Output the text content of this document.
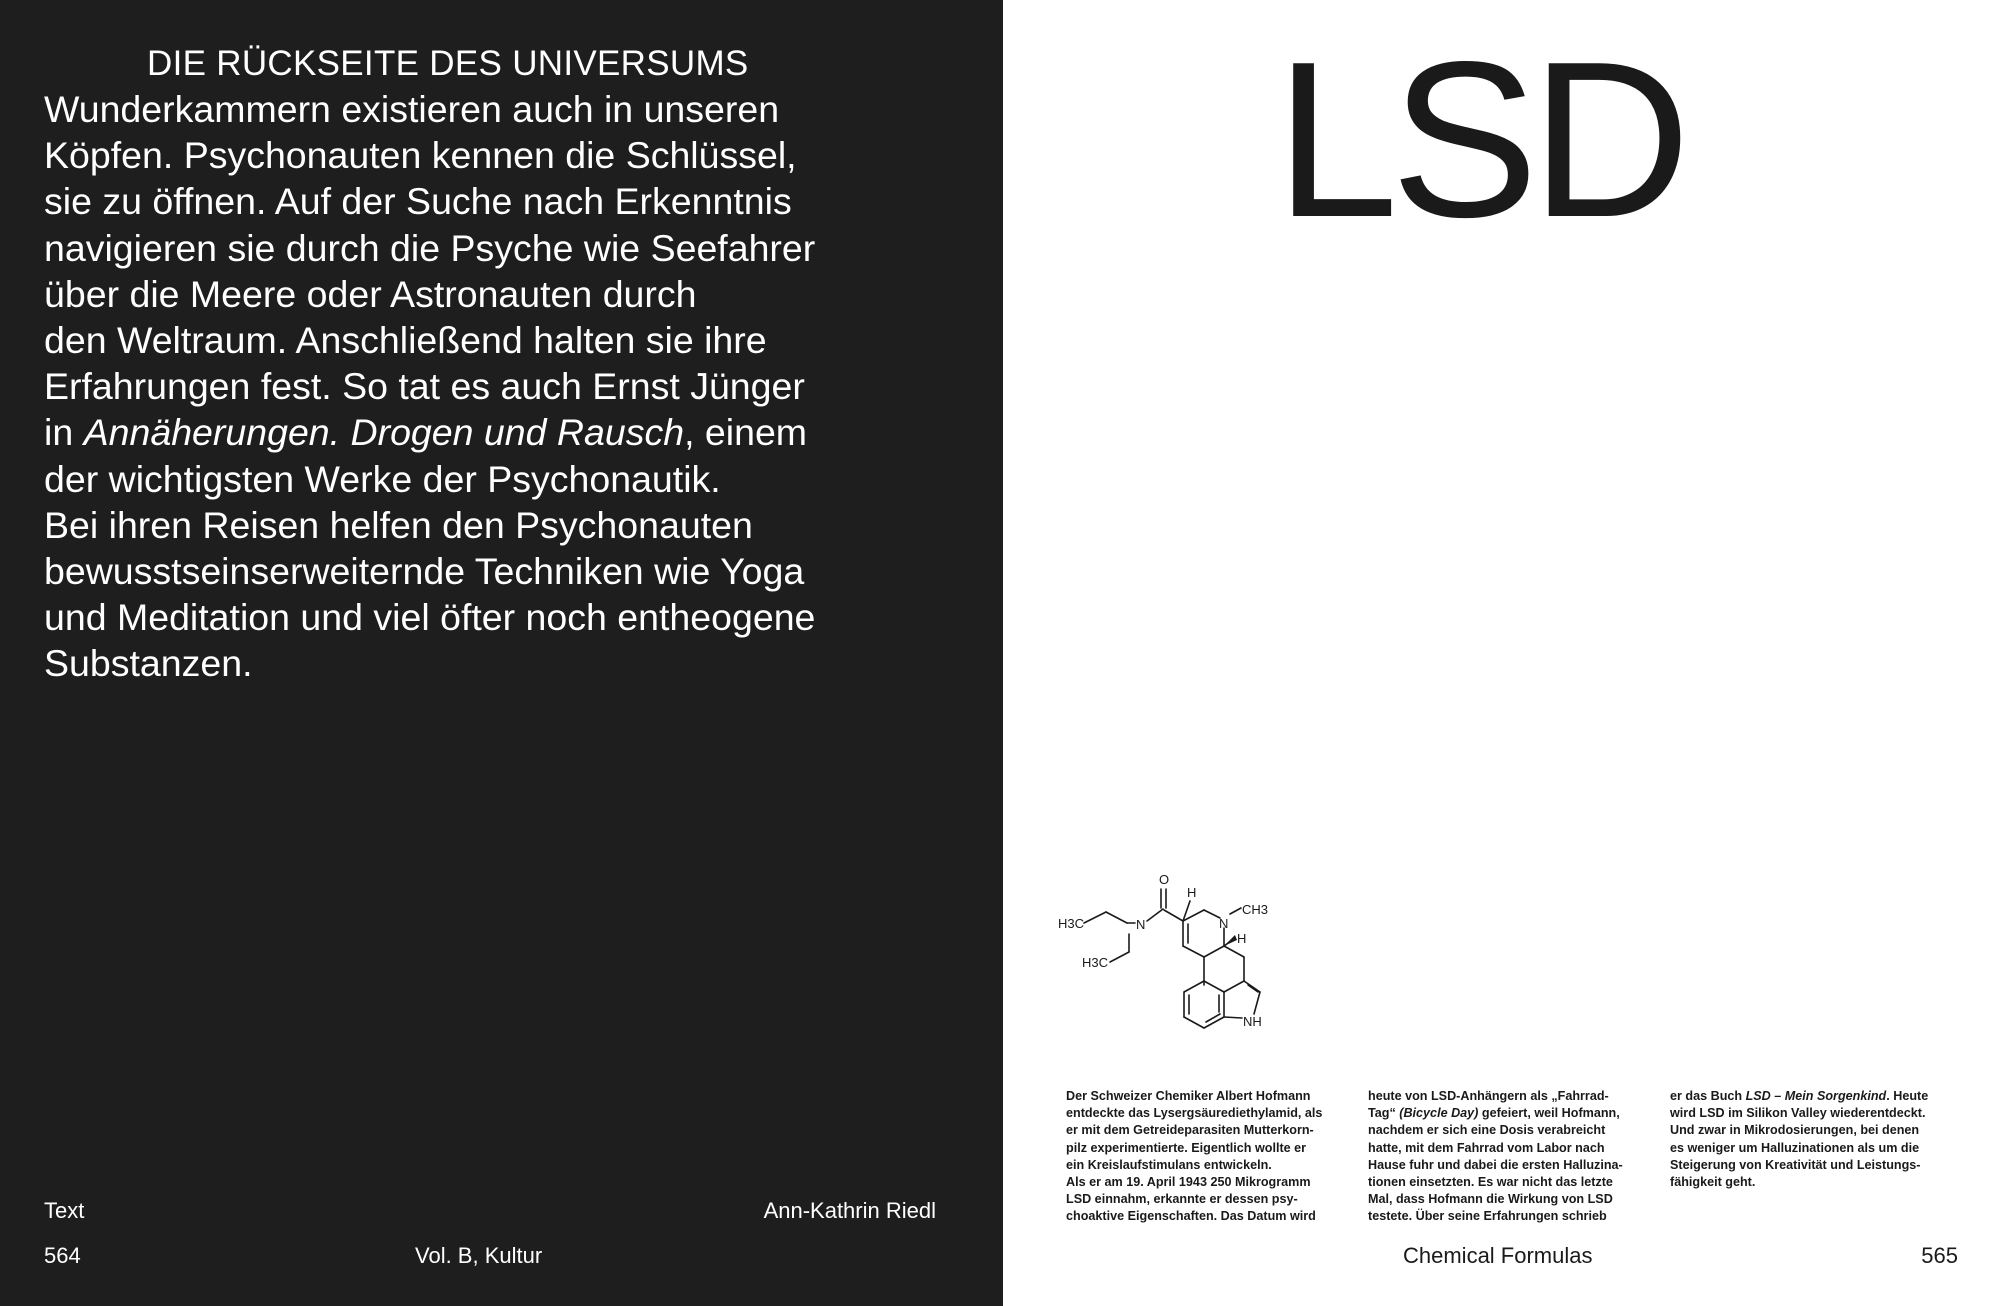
DIE RÜCKSEITE DES UNIVERSUMS
Wunderkammern existieren auch in unseren
Köpfen. Psychonauten kennen die Schlüssel,
sie zu öffnen. Auf der Suche nach Erkenntnis
navigieren sie durch die Psyche wie Seefahrer
über die Meere oder Astronauten durch
den Weltraum. Anschließend halten sie ihre
Erfahrungen fest. So tat es auch Ernst Jünger
in Annäherungen. Drogen und Rausch, einem
der wichtigsten Werke der Psychonautik.
Bei ihren Reisen helfen den Psychonauten
bewusstseinserweiternde Techniken wie Yoga
und Meditation und viel öfter noch entheogene
Substanzen.
Text	Ann-Kathrin Riedl
564	Vol. B, Kultur
LSD
O
H
N
CH3
H
N
H3C
H3C
NH

Der Schweizer Chemiker Albert Hofmann

entdeckte das Lysergsäurediethylamid, als

er mit dem Getreideparasiten Mutterkorn-

pilz experimentierte. Eigentlich wollte er

ein Kreislaufstimulans entwickeln.

Als er am 19. April 1943 250 Mikrogramm

LSD einnahm, erkannte er dessen psy-

choaktive Eigenschaften. Das Datum wird

heute von LSD-Anhängern als „Fahrrad-

Tag“ (Bicycle Day) gefeiert, weil Hofmann,

nachdem er sich eine Dosis verabreicht

hatte, mit dem Fahrrad vom Labor nach

Hause fuhr und dabei die ersten Halluzina-

tionen einsetzten. Es war nicht das letzte

Mal, dass Hofmann die Wirkung von LSD

testete. Über seine Erfahrungen schrieb

er das Buch LSD – Mein Sorgenkind. Heute

wird LSD im Silikon Valley wiederentdeckt.

Und zwar in Mikrodosierungen, bei denen

es weniger um Halluzinationen als um die

Steigerung von Kreativität und Leistungs-

fähigkeit geht.

Chemical Formulas	565
